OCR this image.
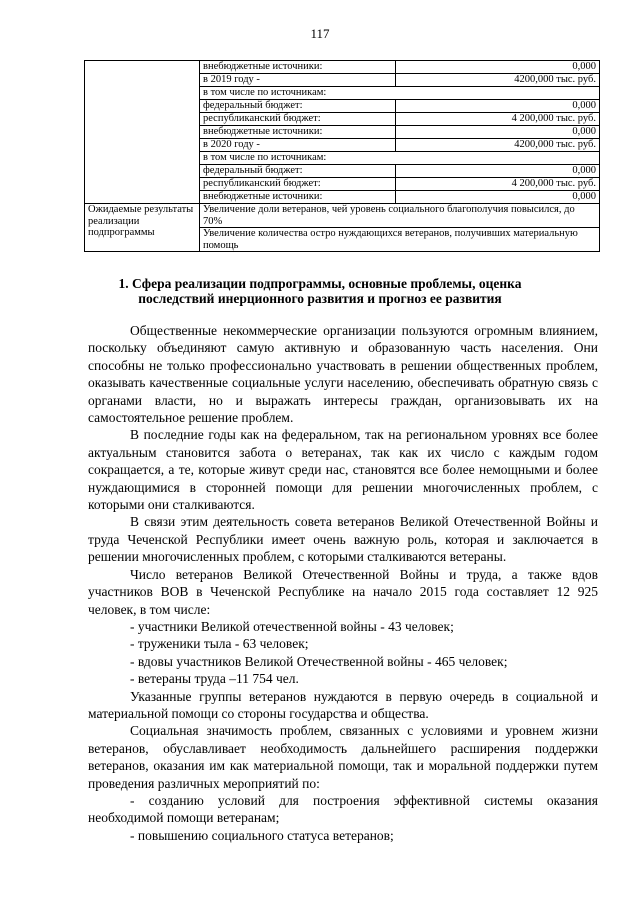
117
	внебюджетные источники:	0,000
	в 2019 году -	4200,000 тыс. руб.
	в том числе по источникам:	
	федеральный бюджет:	0,000
	республиканский бюджет:	4 200,000 тыс. руб.
	внебюджетные источники:	0,000
	в 2020 году -	4200,000 тыс. руб.
	в том числе по источникам:	
	федеральный бюджет:	0,000
	республиканский бюджет:	4 200,000 тыс. руб.
	внебюджетные источники:	0,000
Ожидаемые результаты реализации подпрограммы	Увеличение доли ветеранов, чей уровень социального благополучия повысился, до 70%	
	Увеличение количества остро нуждающихся ветеранов, получивших материальную помощь	
1. Сфера реализации подпрограммы, основные проблемы, оценка последствий инерционного развития и прогноз ее развития

Общественные некоммерческие организации пользуются огромным влиянием, поскольку объединяют самую активную и образованную часть населения. Они способны не только профессионально участвовать в решении общественных проблем, оказывать качественные социальные услуги населению, обеспечивать обратную связь с органами власти, но и выражать интересы граждан, организовывать их на самостоятельное решение проблем.

В последние годы как на федеральном, так на региональном уровнях все более актуальным становится забота о ветеранах, так как их число с каждым годом сокращается, а те, которые живут среди нас, становятся все более немощными и более нуждающимися в сторонней помощи для решении многочисленных проблем, с которыми они сталкиваются.

В связи этим деятельность совета ветеранов Великой Отечественной Войны и труда Чеченской Республики имеет очень важную роль, которая и заключается в решении многочисленных проблем, с которыми сталкиваются ветераны.

Число ветеранов Великой Отечественной Войны и труда, а также вдов участников ВОВ в Чеченской Республике на начало 2015 года составляет 12 925 человек, в том числе:

- участники Великой отечественной войны - 43 человек;

- труженики тыла - 63 человек;

- вдовы участников Великой Отечественной войны - 465 человек;

- ветераны труда –11 754 чел.

Указанные группы ветеранов нуждаются в первую очередь в социальной и материальной помощи со стороны государства и общества.

Социальная значимость проблем, связанных с условиями и уровнем жизни ветеранов, обуславливает необходимость дальнейшего расширения поддержки ветеранов, оказания им как материальной помощи, так и моральной поддержки путем проведения различных мероприятий по:

- созданию условий для построения эффективной системы оказания необходимой помощи ветеранам;

- повышению социального статуса ветеранов;
